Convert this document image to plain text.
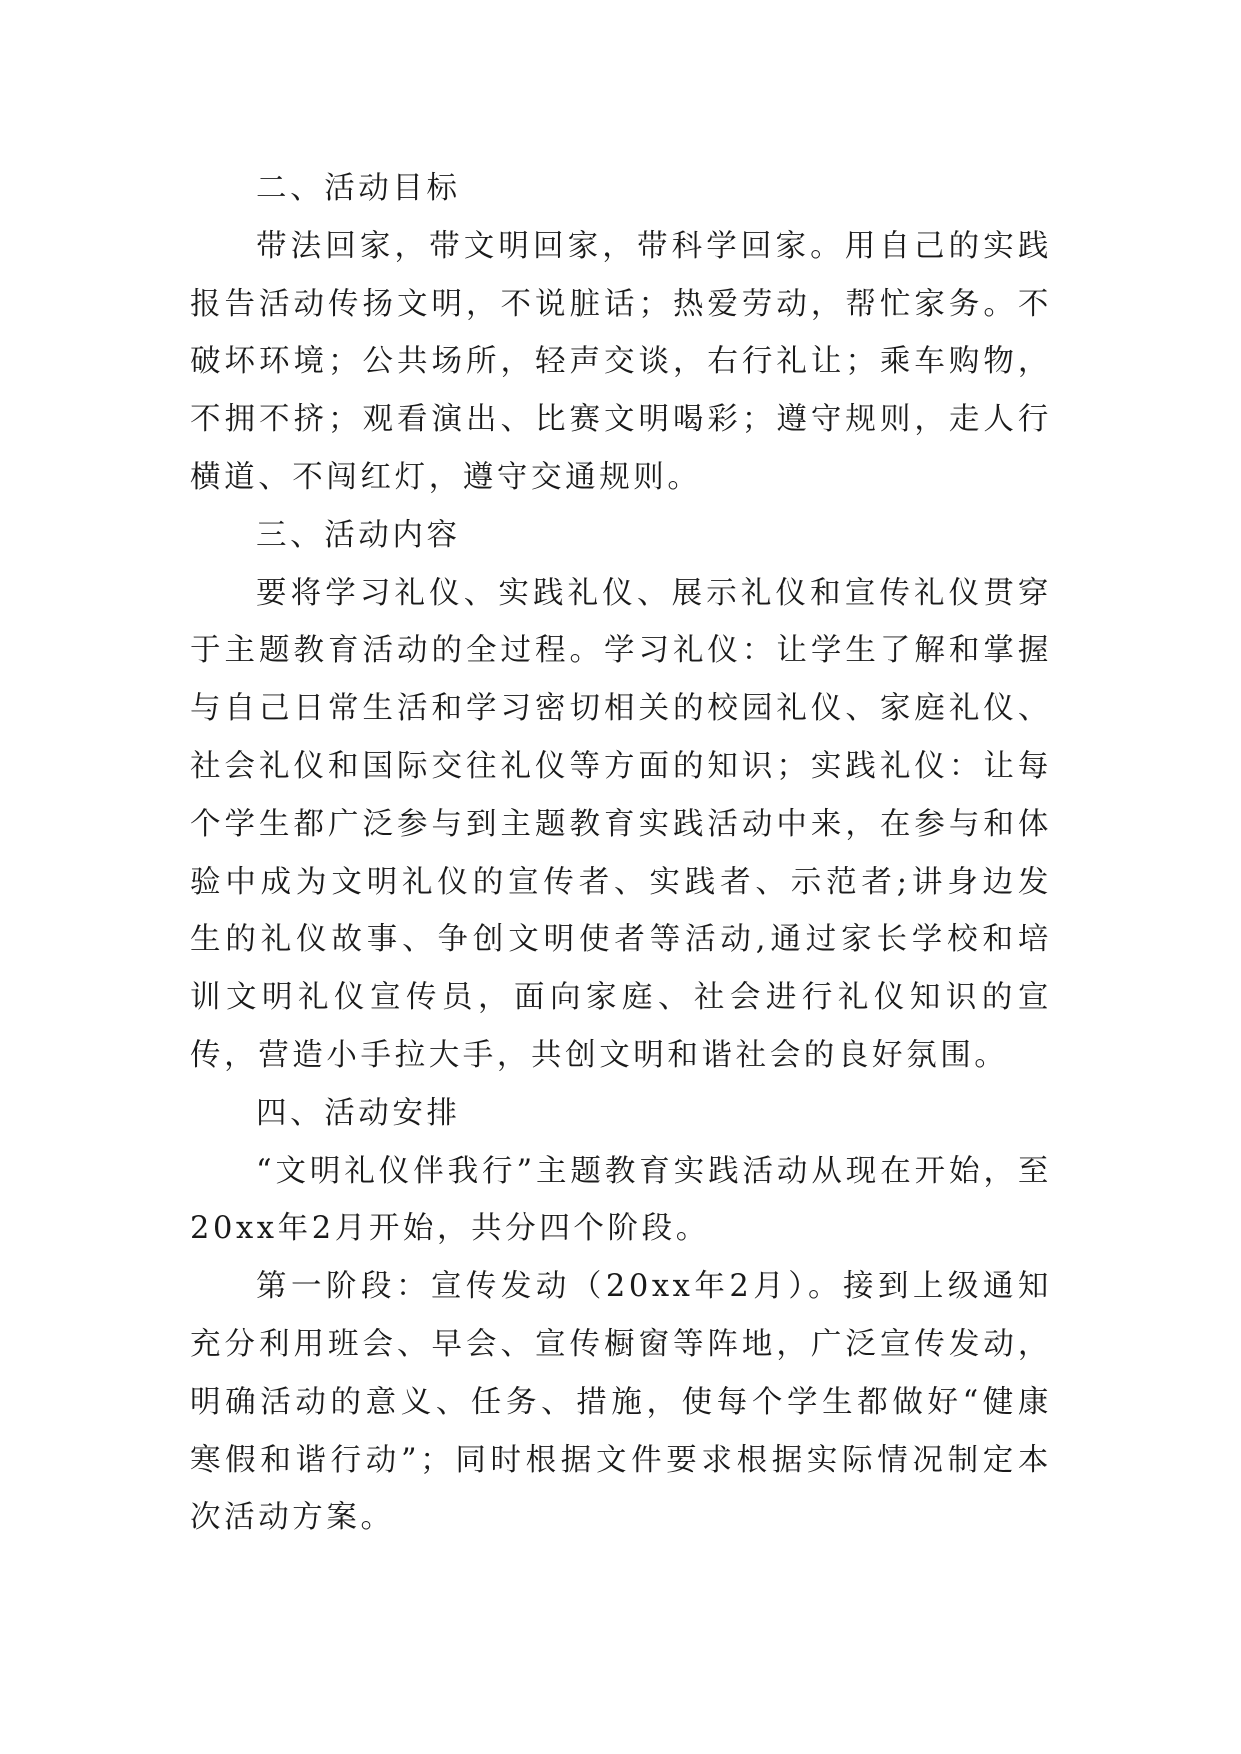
二、活动目标

带法回家，带文明回家，带科学回家。用自己的实践报告活动传扬文明，不说脏话；热爱劳动，帮忙家务。不破坏环境；公共场所，轻声交谈，右行礼让；乘车购物，不拥不挤；观看演出、比赛文明喝彩；遵守规则，走人行横道、不闯红灯，遵守交通规则。

三、活动内容

要将学习礼仪、实践礼仪、展示礼仪和宣传礼仪贯穿于主题教育活动的全过程。学习礼仪：让学生了解和掌握与自己日常生活和学习密切相关的校园礼仪、家庭礼仪、社会礼仪和国际交往礼仪等方面的知识；实践礼仪：让每个学生都广泛参与到主题教育实践活动中来，在参与和体验中成为文明礼仪的宣传者、实践者、示范者;讲身边发生的礼仪故事、争创文明使者等活动,通过家长学校和培训文明礼仪宣传员，面向家庭、社会进行礼仪知识的宣传，营造小手拉大手，共创文明和谐社会的良好氛围。

四、活动安排

“文明礼仪伴我行”主题教育实践活动从现在开始，至20xx年2月开始，共分四个阶段。

第一阶段：宣传发动（20xx年2月）。接到上级通知充分利用班会、早会、宣传橱窗等阵地，广泛宣传发动，明确活动的意义、任务、措施，使每个学生都做好“健康寒假和谐行动”；同时根据文件要求根据实际情况制定本次活动方案。
